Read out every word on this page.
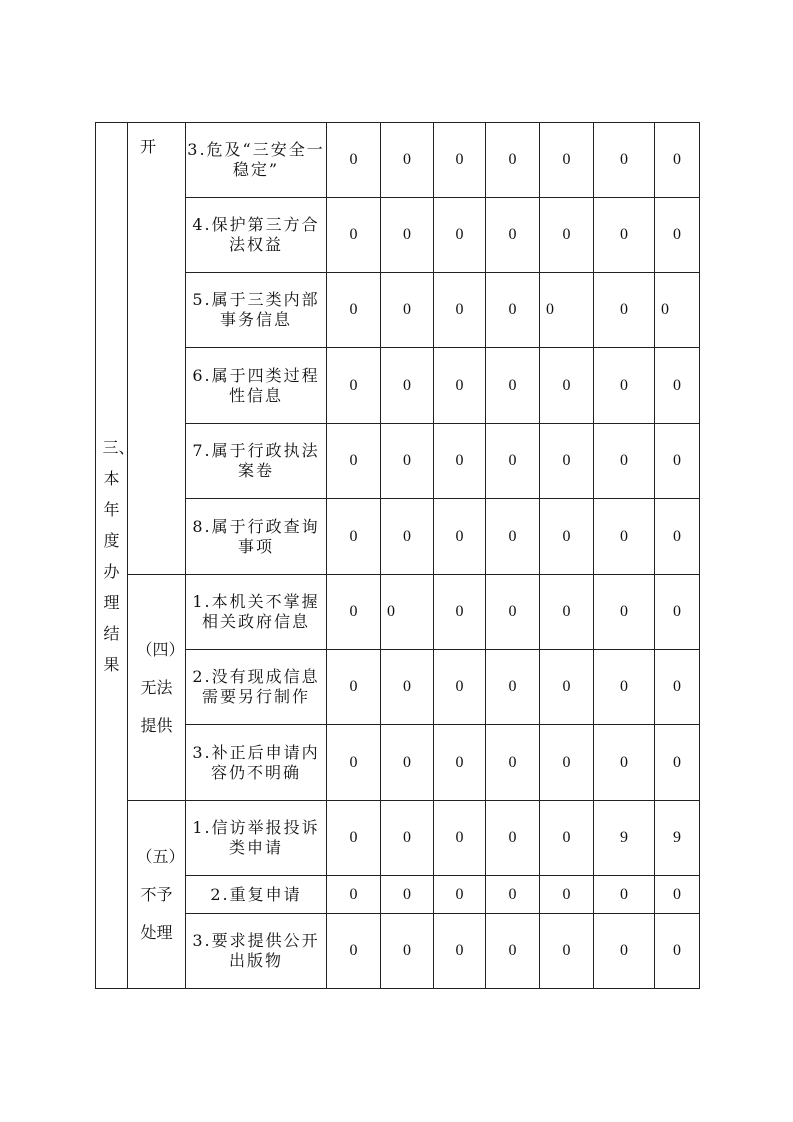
三、本年度办理结果	开	3.危及“三安全一稳定”	0	0	0	0	0	0	0
		4.保护第三方合法权益	0	0	0	0	0	0	0
		5.属于三类内部事务信息	0	0	0	0	0	0	0
		6.属于四类过程性信息	0	0	0	0	0	0	0
		7.属于行政执法案卷	0	0	0	0	0	0	0
		8.属于行政查询事项	0	0	0	0	0	0	0

	（四）无法提供	1.本机关不掌握相关政府信息	0	0	0	0	0	0	0
		2.没有现成信息需要另行制作	0	0	0	0	0	0	0
		3.补正后申请内容仍不明确	0	0	0	0	0	0	0

	（五）不予处理	1.信访举报投诉类申请	0	0	0	0	0	9	9
		2.重复申请	0	0	0	0	0	0	0
		3.要求提供公开出版物	0	0	0	0	0	0	0
